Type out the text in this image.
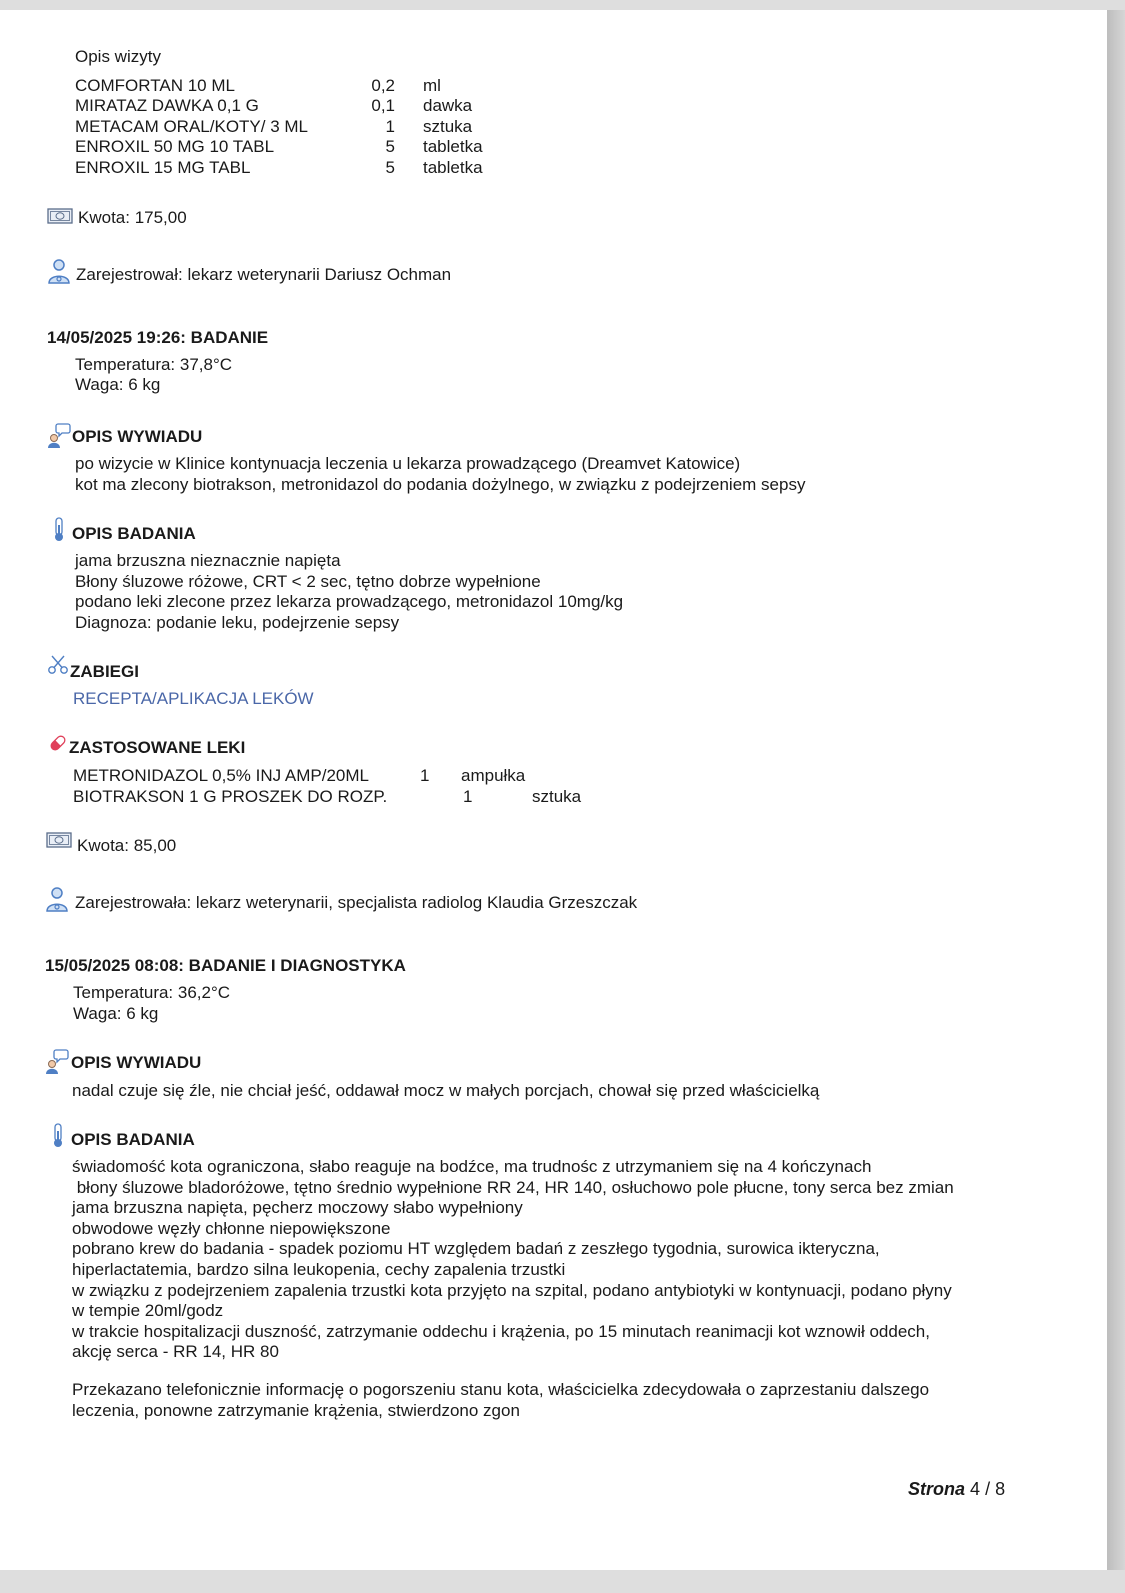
Opis wizyty
COMFORTAN 10 ML	0,2 ml
MIRATAZ DAWKA 0,1 G	0,1 dawka
METACAM ORAL/KOTY/ 3 ML	1 sztuka
ENROXIL 50 MG 10 TABL	5 tabletka
ENROXIL 15 MG TABL	5 tabletka
Kwota: 175,00
Zarejestrował: lekarz weterynarii Dariusz Ochman
14/05/2025 19:26: BADANIE
Temperatura: 37,8°C
Waga: 6 kg
OPIS WYWIADU
po wizycie w Klinice kontynuacja leczenia u lekarza prowadzącego (Dreamvet Katowice)
kot ma zlecony biotrakson, metronidazol do podania dożylnego, w związku z podejrzeniem sepsy
OPIS BADANIA
jama brzuszna nieznacznie napięta
Błony śluzowe różowe, CRT < 2 sec, tętno dobrze wypełnione
podano leki zlecone przez lekarza prowadzącego, metronidazol 10mg/kg
Diagnoza: podanie leku, podejrzenie sepsy
ZABIEGI
RECEPTA/APLIKACJA LEKÓW
ZASTOSOWANE LEKI
METRONIDAZOL 0,5% INJ AMP/20ML	1 ampułka
BIOTRAKSON 1 G PROSZEK DO ROZP.	1	sztuka
Kwota: 85,00
Zarejestrowała: lekarz weterynarii, specjalista radiolog Klaudia Grzeszczak
15/05/2025 08:08: BADANIE I DIAGNOSTYKA
Temperatura: 36,2°C
Waga: 6 kg
OPIS WYWIADU
nadal czuje się źle, nie chciał jeść, oddawał mocz w małych porcjach, chował się przed właścicielką
OPIS BADANIA
świadomość kota ograniczona, słabo reaguje na bodźce, ma trudnośc z utrzymaniem się na 4 kończynach
błony śluzowe bladoróżowe, tętno średnio wypełnione RR 24, HR 140, osłuchowo pole płucne, tony serca bez zmian
jama brzuszna napięta, pęcherz moczowy słabo wypełniony
obwodowe węzły chłonne niepowiększone
pobrano krew do badania - spadek poziomu HT względem badań z zeszłego tygodnia, surowica ikteryczna,
hiperlactatemia, bardzo silna leukopenia, cechy zapalenia trzustki
w związku z podejrzeniem zapalenia trzustki kota przyjęto na szpital, podano antybiotyki w kontynuacji, podano płyny
w tempie 20ml/godz
w trakcie hospitalizacji duszność, zatrzymanie oddechu i krążenia, po 15 minutach reanimacji kot wznowił oddech,
akcję serca - RR 14, HR 80
Przekazano telefonicznie informację o pogorszeniu stanu kota, właścicielka zdecydowała o zaprzestaniu dalszego
leczenia, ponowne zatrzymanie krążenia, stwierdzono zgon
Strona 4 / 8
